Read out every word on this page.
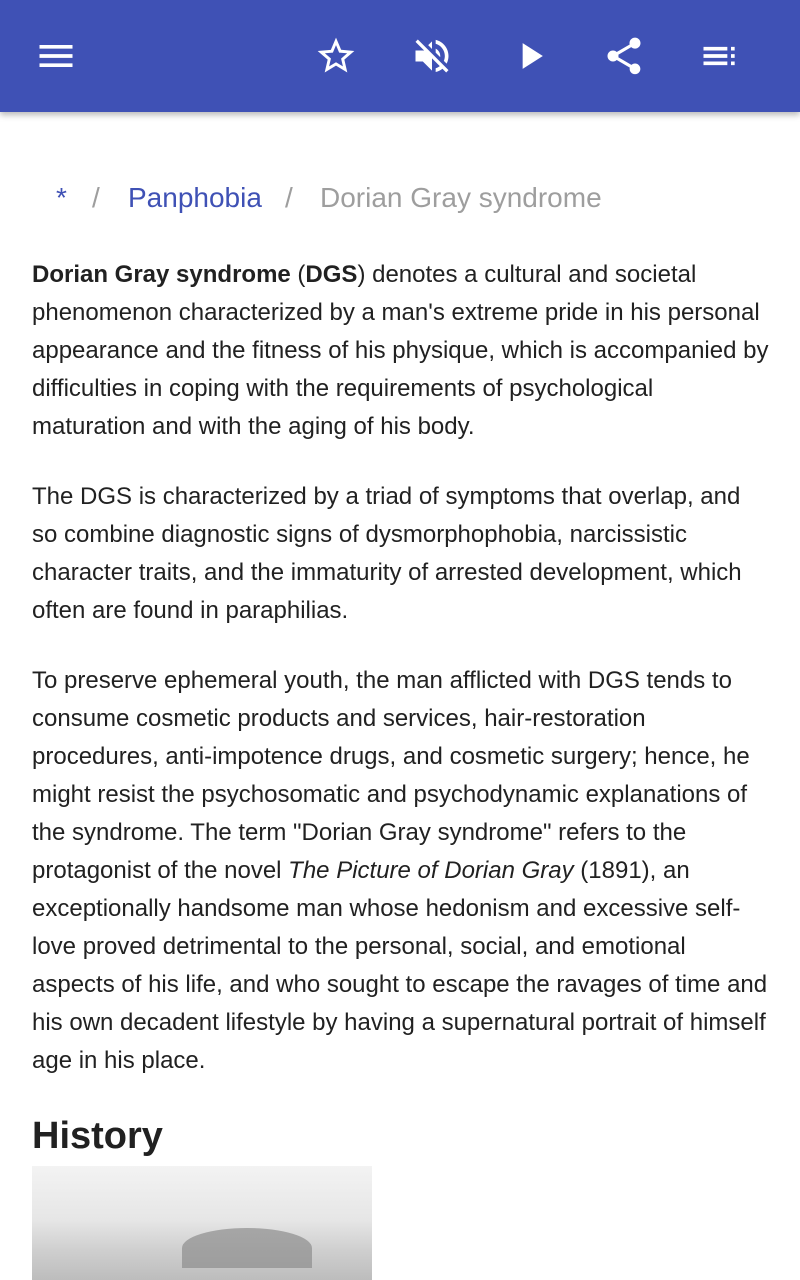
* / Panphobia / Dorian Gray syndrome

Dorian Gray syndrome (DGS) denotes a cultural and societal phenomenon characterized by a man's extreme pride in his personal appearance and the fitness of his physique, which is accompanied by difficulties in coping with the requirements of psychological maturation and with the aging of his body.

The DGS is characterized by a triad of symptoms that overlap, and so combine diagnostic signs of dysmorphophobia, narcissistic character traits, and the immaturity of arrested development, which often are found in paraphilias.

To preserve ephemeral youth, the man afflicted with DGS tends to consume cosmetic products and services, hair-restoration procedures, anti-impotence drugs, and cosmetic surgery; hence, he might resist the psychosomatic and psychodynamic explanations of the syndrome. The term "Dorian Gray syndrome" refers to the protagonist of the novel The Picture of Dorian Gray (1891), an exceptionally handsome man whose hedonism and excessive self-love proved detrimental to the personal, social, and emotional aspects of his life, and who sought to escape the ravages of time and his own decadent lifestyle by having a supernatural portrait of himself age in his place.

History
